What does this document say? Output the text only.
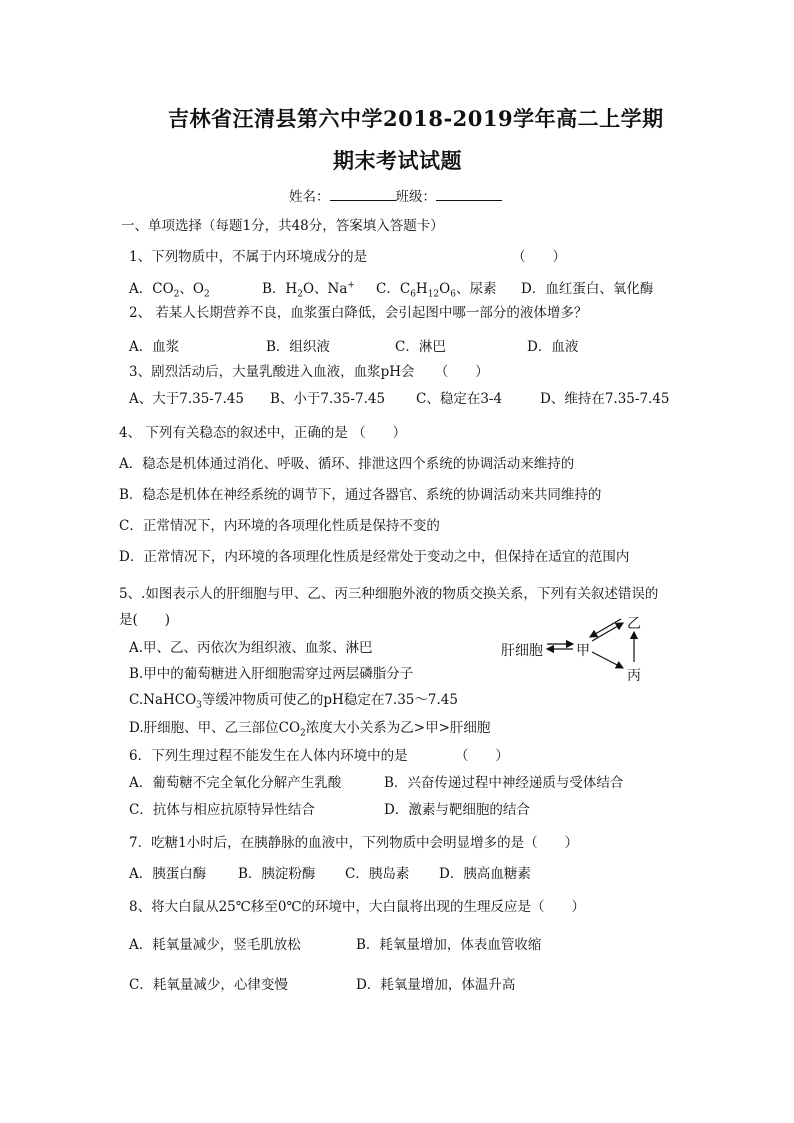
吉林省汪清县第六中学2018-2019学年高二上学期
期末考试试题
姓名：	班级：
一、单项选择（每题1分，共48分，答案填入答题卡）
1、下列物质中，不属于内环境成分的是	（　　）
A．$CO_2$、$O_2$	B．$H_2O$、Na+ C．$C_6H_{12}O_6$、尿素 D．血红蛋白、氧化酶
2、 若某人长期营养不良，血浆蛋白降低，会引起图中哪一部分的液体增多？
A．血浆	B．组织液	C．淋巴	D．血液
3、剧烈活动后，大量乳酸进入血液，血浆pH会　　（　　）
A、大于7.35-7.45 B、小于7.35-7.45 C、稳定在3-4	D、维持在7.35-7.45
4、 下列有关稳态的叙述中，正确的是 （　　）
A．稳态是机体通过消化、呼吸、循环、排泄这四个系统的协调活动来维持的
B．稳态是机体在神经系统的调节下，通过各器官、系统的协调活动来共同维持的
C．正常情况下，内环境的各项理化性质是保持不变的
D．正常情况下，内环境的各项理化性质是经常处于变动之中，但保持在适宜的范围内
5、.如图表示人的肝细胞与甲、乙、丙三种细胞外液的物质交换关系，下列有关叙述错误的
是(　　)
A.甲、乙、丙依次为组织液、血浆、淋巴
B.甲中的葡萄糖进入肝细胞需穿过两层磷脂分子
C.NaHCO$_3$等缓冲物质可使乙的pH稳定在7.35～7.45
D.肝细胞、甲、乙三部位$CO_2$浓度大小关系为乙>甲>肝细胞
肝细胞 甲
乙
丙
6．下列生理过程不能发生在人体内环境中的是　　　　（　　）
A．葡萄糖不完全氧化分解产生乳酸	B．兴奋传递过程中神经递质与受体结合
C．抗体与相应抗原特异性结合	D．激素与靶细胞的结合
7．吃糖1小时后，在胰静脉的血液中，下列物质中会明显增多的是（　　）
A．胰蛋白酶 B．胰淀粉酶 C．胰岛素 D．胰高血糖素
8、将大白鼠从25℃移至0℃的环境中，大白鼠将出现的生理反应是（　　）
A．耗氧量减少，竖毛肌放松	B．耗氧量增加，体表血管收缩
C．耗氧量减少，心律变慢	D．耗氧量增加，体温升高
